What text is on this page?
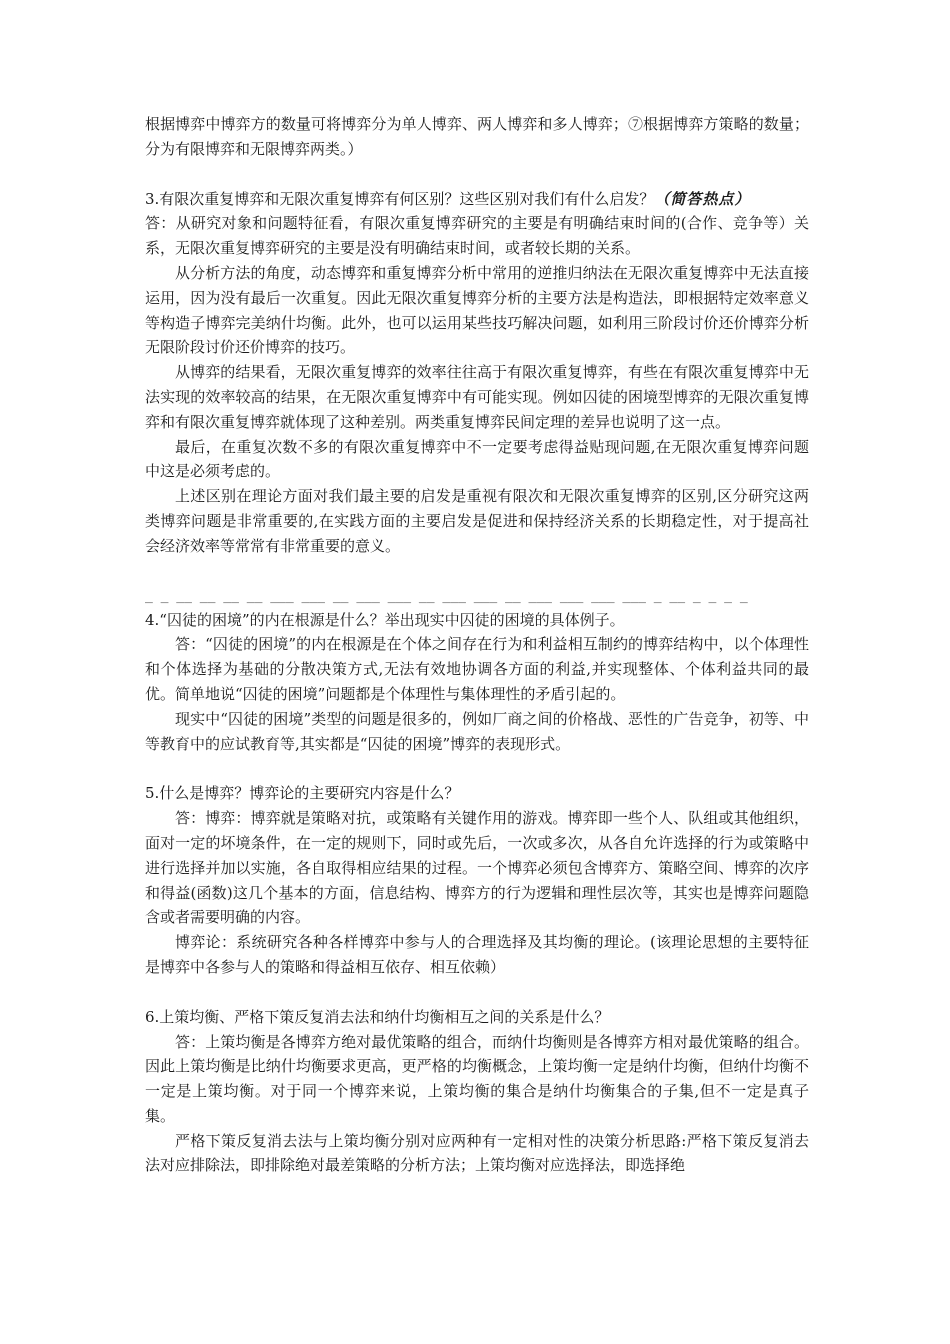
根据博弈中博弈方的数量可将博弈分为单人博弈、两人博弈和多人博弈；⑦根据博弈方策略的数量；分为有限博弈和无限博弈两类。）

3.有限次重复博弈和无限次重复博弈有何区别？这些区别对我们有什么启发？（简答热点）

答：从研究对象和问题特征看，有限次重复博弈研究的主要是有明确结束时间的(合作、竞争等）关系，无限次重复博弈研究的主要是没有明确结束时间，或者较长期的关系。

从分析方法的角度，动态博弈和重复博弈分析中常用的逆推归纳法在无限次重复博弈中无法直接运用，因为没有最后一次重复。因此无限次重复博弈分析的主要方法是构造法，即根据特定效率意义等构造子博弈完美纳什均衡。此外，也可以运用某些技巧解决问题，如利用三阶段讨价还价博弈分析无限阶段讨价还价博弈的技巧。

从博弈的结果看，无限次重复博弈的效率往往高于有限次重复博弈，有些在有限次重复博弈中无法实现的效率较高的结果，在无限次重复博弈中有可能实现。例如囚徒的困境型博弈的无限次重复博弈和有限次重复博弈就体现了这种差别。两类重复博弈民间定理的差异也说明了这一点。

最后，在重复次数不多的有限次重复博弈中不一定要考虑得益贴现问题,在无限次重复博弈问题中这是必须考虑的。

上述区别在理论方面对我们最主要的启发是重视有限次和无限次重复博弈的区别,区分研究这两类博弈问题是非常重要的,在实践方面的主要启发是促进和保持经济关系的长期稳定性，对于提高社会经济效率等常常有非常重要的意义。

_ _ __ __ __ __ ___ ___ __ ___ ___ __ ___ ___ __ ___ ___ ___ ___ _ __ _ _ _ _

4.“囚徒的困境”的内在根源是什么？举出现实中囚徒的困境的具体例子。

答：“囚徒的困境”的内在根源是在个体之间存在行为和利益相互制约的博弈结构中，以个体理性和个体选择为基础的分散决策方式,无法有效地协调各方面的利益,并实现整体、个体利益共同的最优。简单地说“囚徒的困境”问题都是个体理性与集体理性的矛盾引起的。

现实中“囚徒的困境”类型的问题是很多的，例如厂商之间的价格战、恶性的广告竞争，初等、中等教育中的应试教育等,其实都是“囚徒的困境”博弈的表现形式。

5.什么是博弈？博弈论的主要研究内容是什么？

答：博弈：博弈就是策略对抗，或策略有关键作用的游戏。博弈即一些个人、队组或其他组织，面对一定的坏境条件，在一定的规则下，同时或先后，一次或多次，从各自允许选择的行为或策略中进行选择并加以实施，各自取得相应结果的过程。一个博弈必须包含博弈方、策略空间、博弈的次序和得益(函数)这几个基本的方面，信息结构、博弈方的行为逻辑和理性层次等，其实也是博弈问题隐含或者需要明确的内容。

博弈论：系统研究各种各样博弈中参与人的合理选择及其均衡的理论。(该理论思想的主要特征是博弈中各参与人的策略和得益相互依存、相互依赖）

6.上策均衡、严格下策反复消去法和纳什均衡相互之间的关系是什么？

答：上策均衡是各博弈方绝对最优策略的组合，而纳什均衡则是各博弈方相对最优策略的组合。因此上策均衡是比纳什均衡要求更高，更严格的均衡概念，上策均衡一定是纳什均衡，但纳什均衡不一定是上策均衡。对于同一个博弈来说，上策均衡的集合是纳什均衡集合的子集,但不一定是真子集。

严格下策反复消去法与上策均衡分别对应两种有一定相对性的决策分析思路:严格下策反复消去法对应排除法，即排除绝对最差策略的分析方法；上策均衡对应选择法，即选择绝
